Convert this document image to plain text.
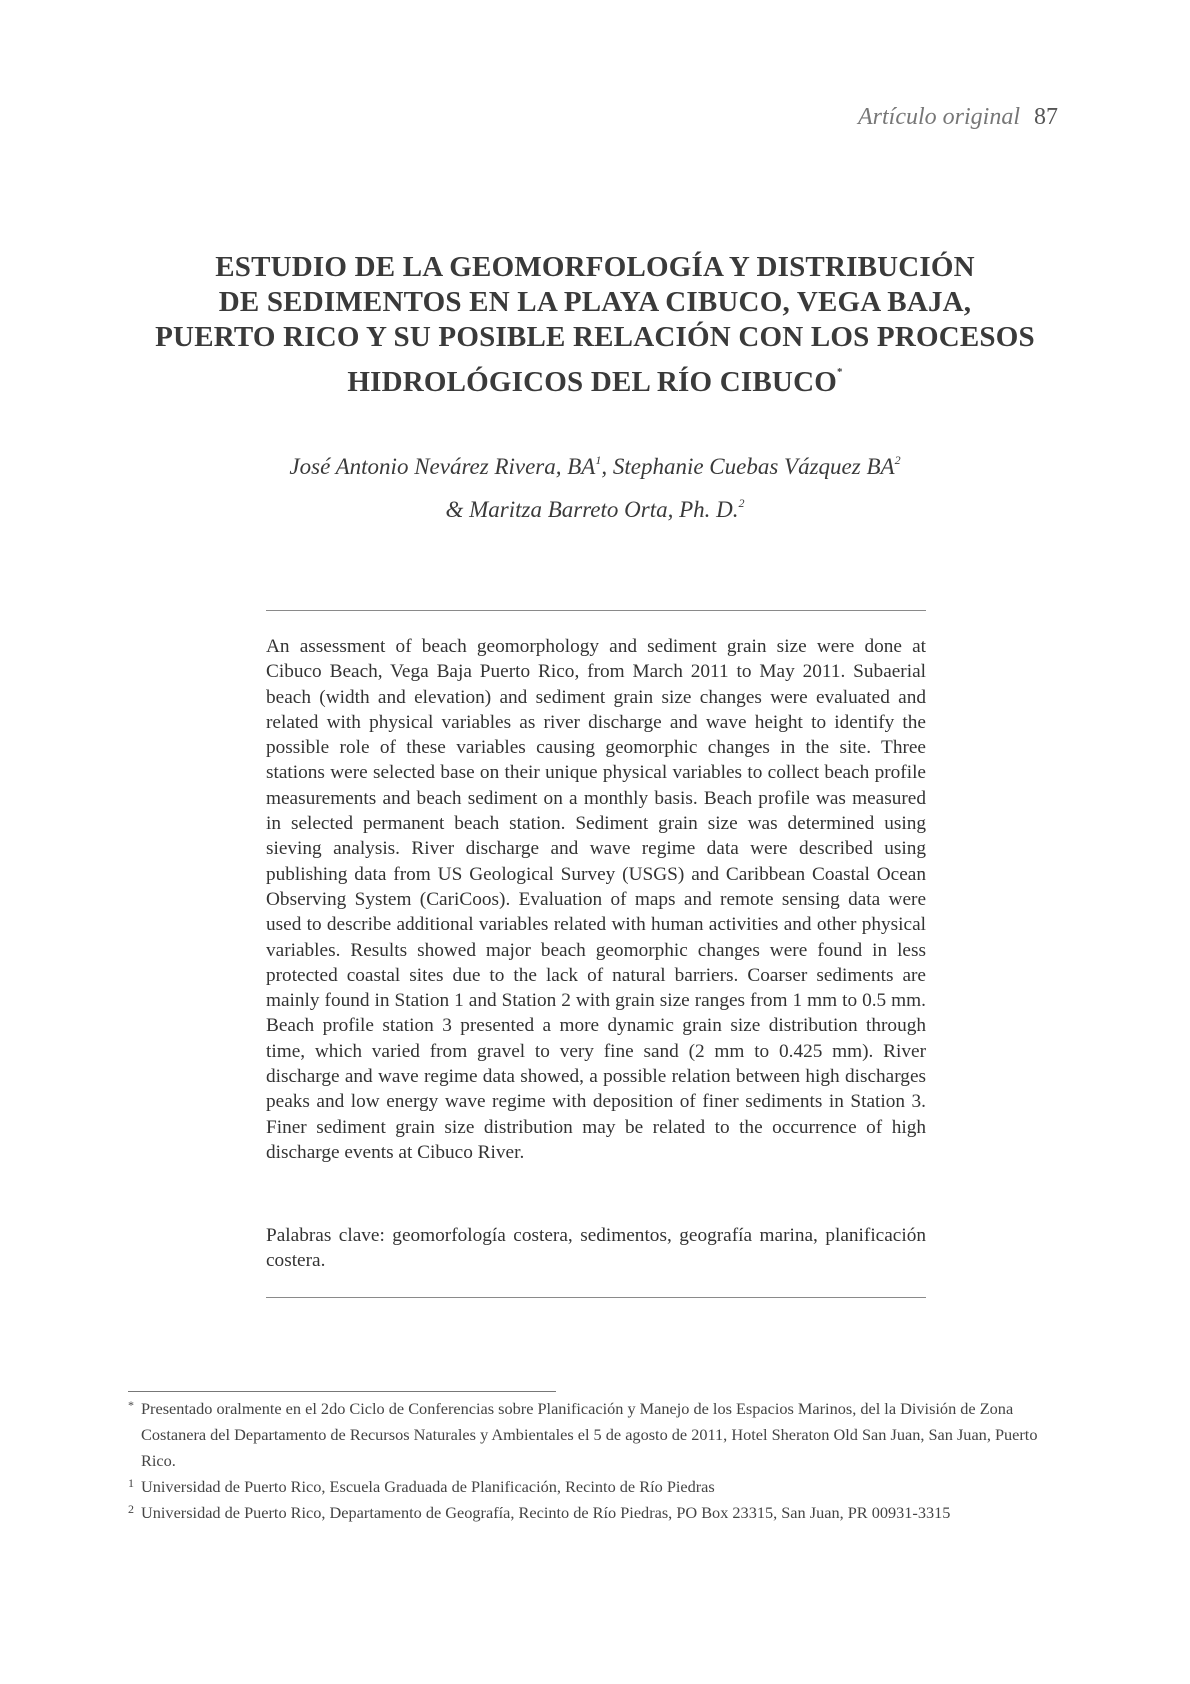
Artículo original 87
ESTUDIO DE LA GEOMORFOLOGÍA Y DISTRIBUCIÓN
DE SEDIMENTOS EN LA PLAYA CIBUCO, VEGA BAJA,
PUERTO RICO Y SU POSIBLE RELACIÓN CON LOS PROCESOS
HIDROLÓGICOS DEL RÍO CIBUCO*
José Antonio Nevárez Rivera, $BA^1$, Stephanie Cuebas Vázquez $BA^2$
& Maritza Barreto Orta, Ph. D.$^2$

An assessment of beach geomorphology and sediment grain size were done at Cibuco Beach, Vega Baja Puerto Rico, from March 2011 to May 2011. Subaerial beach (width and elevation) and sediment grain size changes were evaluated and related with physical variables as river discharge and wave height to identify the possible role of these variables causing geomorphic changes in the site. Three stations were selected base on their unique physical variables to collect beach profile measurements and beach sediment on a monthly basis. Beach profile was measured in selected permanent beach station. Sediment grain size was determined using sieving analysis. River discharge and wave regime data were described using publishing data from US Geological Survey (USGS) and Caribbean Coastal Ocean Observing System (CariCoos). Evaluation of maps and remote sensing data were used to describe additional variables related with human activities and other physical variables. Results showed major beach geomorphic changes were found in less protected coastal sites due to the lack of natural barriers. Coarser sediments are mainly found in Station 1 and Station 2 with grain size ranges from 1 mm to 0.5 mm. Beach profile station 3 presented a more dynamic grain size distribution through time, which varied from gravel to very fine sand (2 mm to 0.425 mm). River discharge and wave regime data showed, a possible relation between high discharges peaks and low energy wave regime with deposition of finer sediments in Station 3. Finer sediment grain size distribution may be related to the occurrence of high discharge events at Cibuco River.

Palabras clave: geomorfología costera, sedimentos, geografía marina, planificación costera.

* Presentado oralmente en el 2do Ciclo de Conferencias sobre Planificación y Manejo de los Espacios Marinos, del la División de Zona Costanera del Departamento de Recursos Naturales y Ambientales el 5 de agosto de 2011, Hotel Sheraton Old San Juan, San Juan, Puerto Rico.

1 Universidad de Puerto Rico, Escuela Graduada de Planificación, Recinto de Río Piedras

2 Universidad de Puerto Rico, Departamento de Geografía, Recinto de Río Piedras, PO Box 23315, San Juan, PR 00931-3315
